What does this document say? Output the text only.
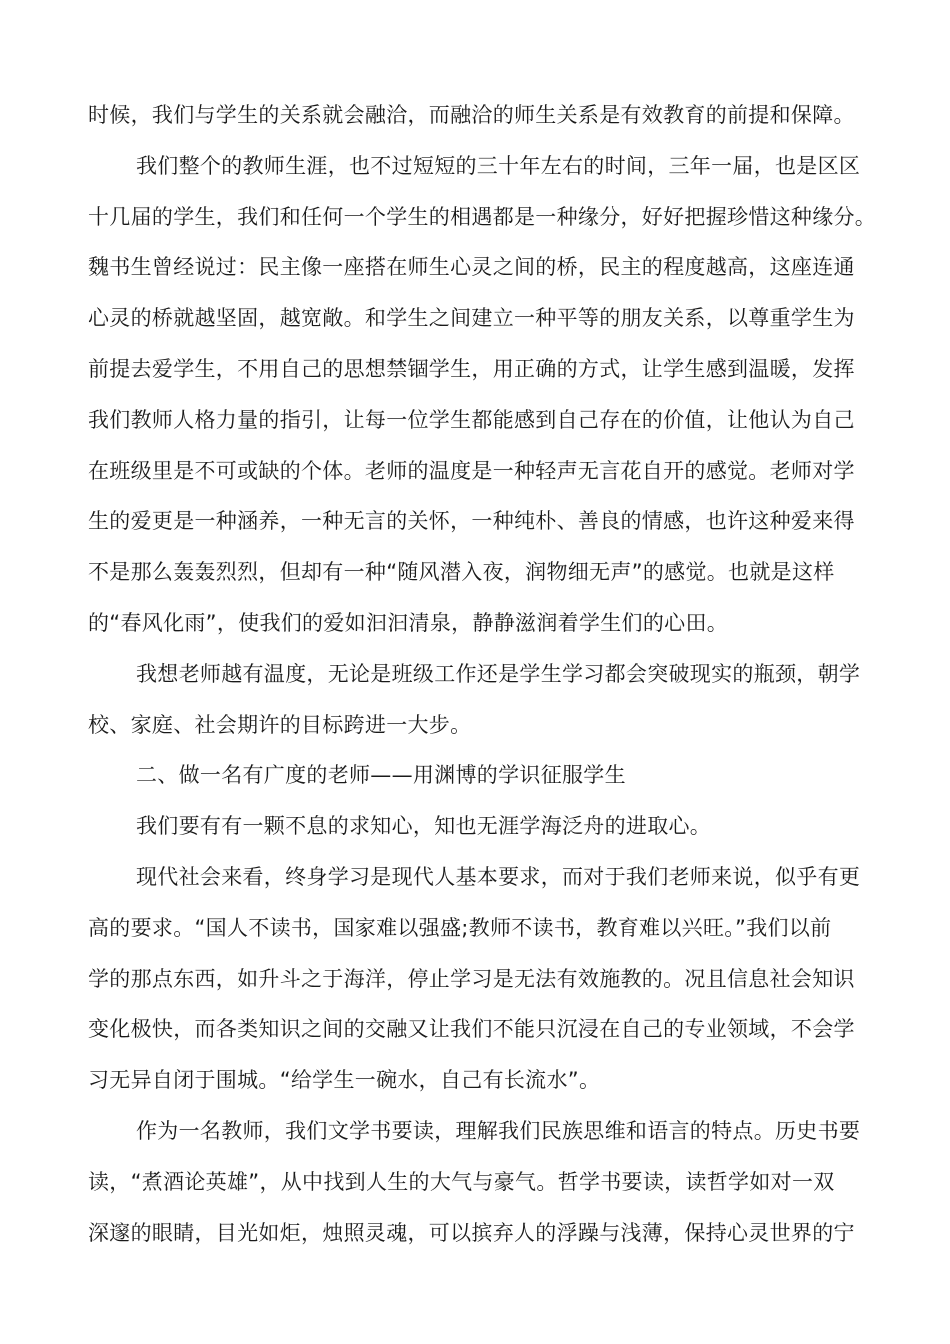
时候，我们与学生的关系就会融洽，而融洽的师生关系是有效教育的前提和保障。
我们整个的教师生涯，也不过短短的三十年左右的时间，三年一届，也是区区
十几届的学生，我们和任何一个学生的相遇都是一种缘分，好好把握珍惜这种缘分。
魏书生曾经说过：民主像一座搭在师生心灵之间的桥，民主的程度越高，这座连通
心灵的桥就越坚固，越宽敞。和学生之间建立一种平等的朋友关系，以尊重学生为
前提去爱学生，不用自己的思想禁锢学生，用正确的方式，让学生感到温暖，发挥
我们教师人格力量的指引，让每一位学生都能感到自己存在的价值，让他认为自己
在班级里是不可或缺的个体。老师的温度是一种轻声无言花自开的感觉。老师对学
生的爱更是一种涵养，一种无言的关怀，一种纯朴、善良的情感，也许这种爱来得
不是那么轰轰烈烈，但却有一种“随风潜入夜，润物细无声”的感觉。也就是这样
的“春风化雨”，使我们的爱如汩汩清泉，静静滋润着学生们的心田。
我想老师越有温度，无论是班级工作还是学生学习都会突破现实的瓶颈，朝学
校、家庭、社会期许的目标跨进一大步。
二、做一名有广度的老师——用渊博的学识征服学生
我们要有有一颗不息的求知心，知也无涯学海泛舟的进取心。
现代社会来看，终身学习是现代人基本要求，而对于我们老师来说，似乎有更
高的要求。“国人不读书，国家难以强盛;教师不读书，教育难以兴旺。”我们以前
学的那点东西，如升斗之于海洋，停止学习是无法有效施教的。况且信息社会知识
变化极快，而各类知识之间的交融又让我们不能只沉浸在自己的专业领域，不会学
习无异自闭于围城。“给学生一碗水，自己有长流水”。
作为一名教师，我们文学书要读，理解我们民族思维和语言的特点。历史书要
读，“煮酒论英雄”，从中找到人生的大气与豪气。哲学书要读，读哲学如对一双
深邃的眼睛，目光如炬，烛照灵魂，可以摈弃人的浮躁与浅薄，保持心灵世界的宁
